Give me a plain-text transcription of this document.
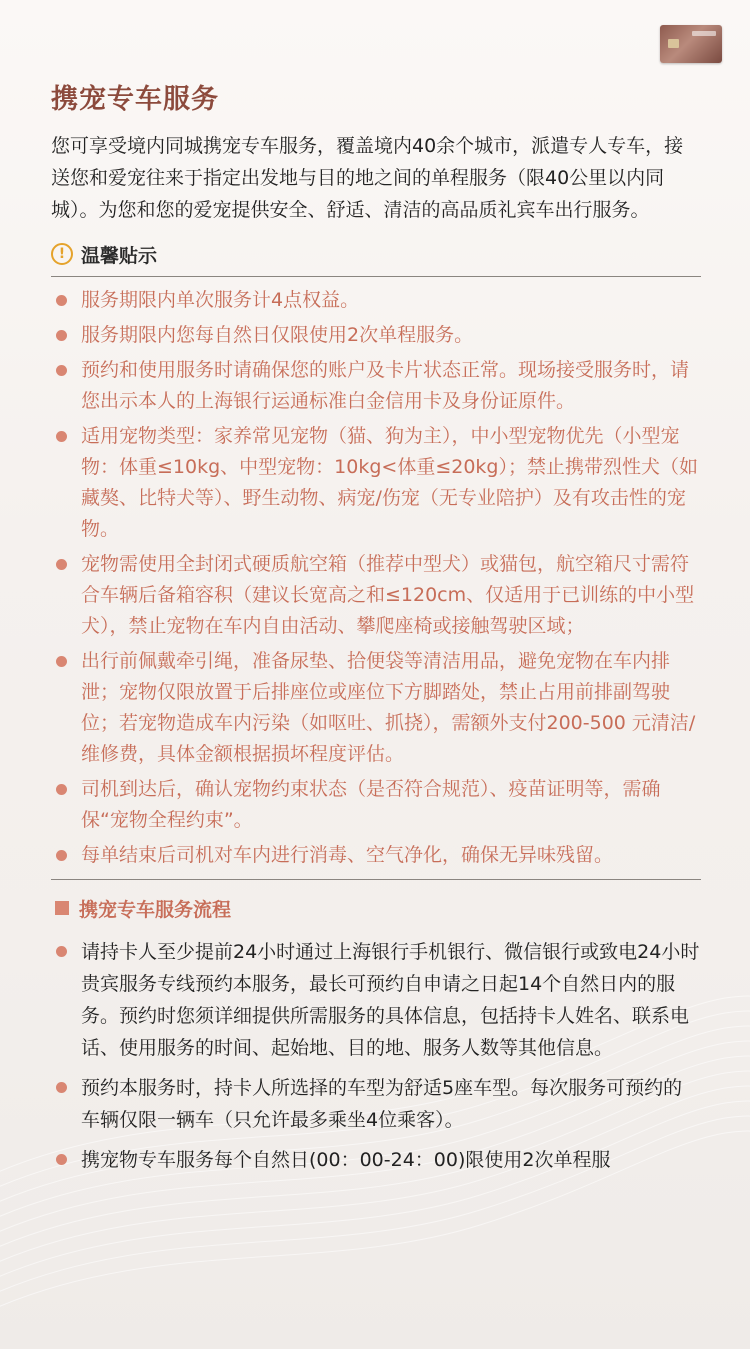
携宠专车服务

您可享受境内同城携宠专车服务，覆盖境内40余个城市，派遣专人专车，接送您和爱宠往来于指定出发地与目的地之间的单程服务（限40公里以内同城）。为您和您的爱宠提供安全、舒适、清洁的高品质礼宾车出行服务。

! 温馨贴示
服务期限内单次服务计4点权益。
服务期限内您每自然日仅限使用2次单程服务。
预约和使用服务时请确保您的账户及卡片状态正常。现场接受服务时，请您出示本人的上海银行运通标准白金信用卡及身份证原件。
适用宠物类型：家养常见宠物（猫、狗为主），中小型宠物优先（小型宠物：体重≤10kg、中型宠物：10kg<体重≤20kg）；禁止携带烈性犬（如藏獒、比特犬等）、野生动物、病宠/伤宠（无专业陪护）及有攻击性的宠物。
宠物需使用全封闭式硬质航空箱（推荐中型犬）或猫包，航空箱尺寸需符合车辆后备箱容积（建议长宽高之和≤120cm、仅适用于已训练的中小型犬），禁止宠物在车内自由活动、攀爬座椅或接触驾驶区域；
出行前佩戴牵引绳，准备尿垫、拾便袋等清洁用品，避免宠物在车内排泄；宠物仅限放置于后排座位或座位下方脚踏处，禁止占用前排副驾驶位；若宠物造成车内污染（如呕吐、抓挠），需额外支付200-500 元清洁/维修费，具体金额根据损坏程度评估。
司机到达后，确认宠物约束状态（是否符合规范）、疫苗证明等，需确保“宠物全程约束”。
每单结束后司机对车内进行消毒、空气净化，确保无异味残留。
携宠专车服务流程
请持卡人至少提前24小时通过上海银行手机银行、微信银行或致电24小时贵宾服务专线预约本服务，最长可预约自申请之日起14个自然日内的服务。预约时您须详细提供所需服务的具体信息，包括持卡人姓名、联系电话、使用服务的时间、起始地、目的地、服务人数等其他信息。
预约本服务时，持卡人所选择的车型为舒适5座车型。每次服务可预约的车辆仅限一辆车（只允许最多乘坐4位乘客）。
携宠物专车服务每个自然日(00：00-24：00)限使用2次单程服
